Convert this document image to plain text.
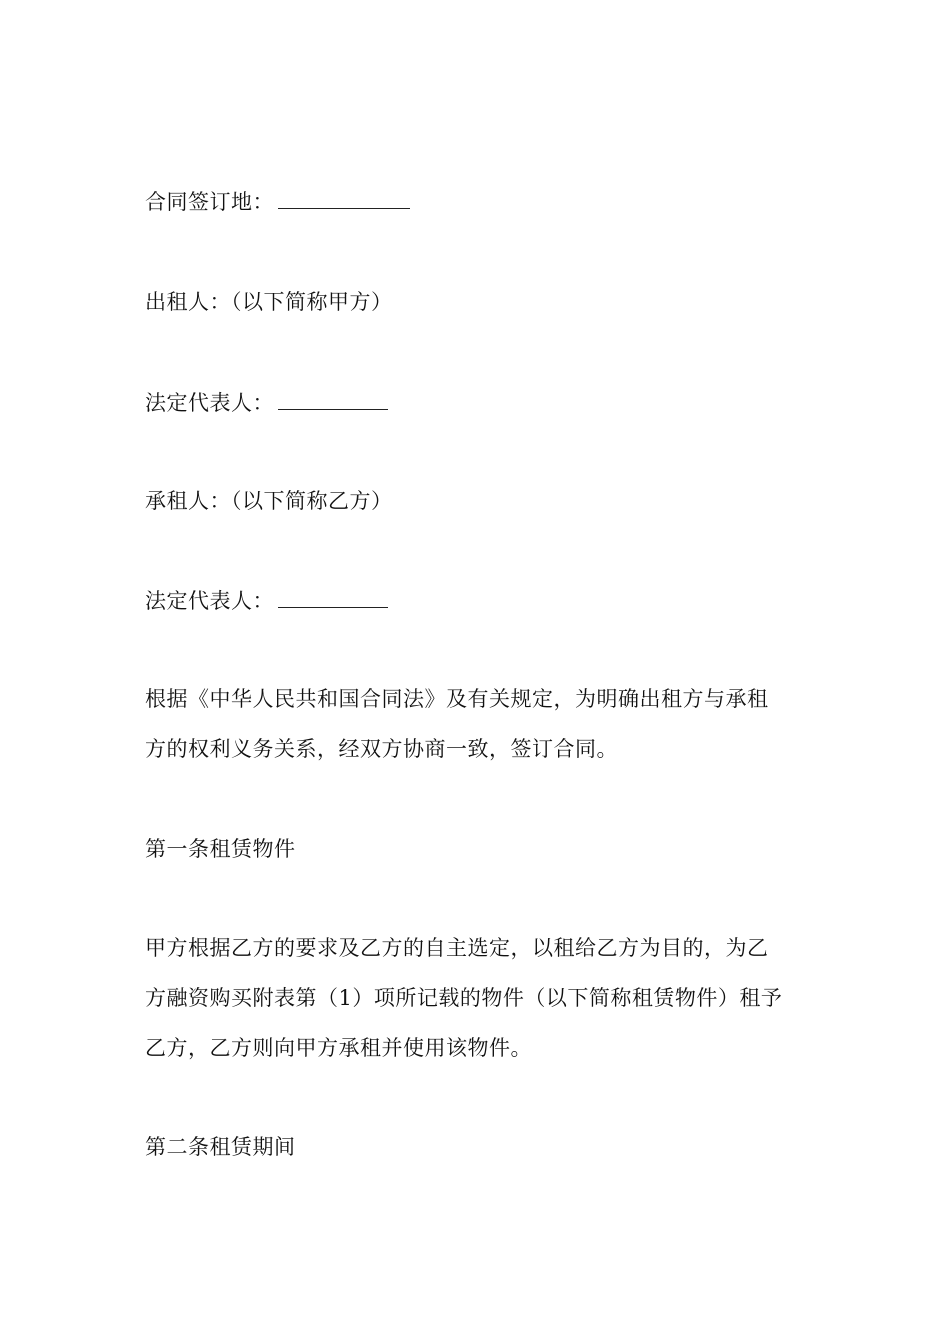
合同签订地：
出租人：（以下简称甲方）
法定代表人：
承租人：（以下简称乙方）
法定代表人：
根据《中华人民共和国合同法》及有关规定，为明确出租方与承租
方的权利义务关系，经双方协商一致，签订合同。
第一条租赁物件
甲方根据乙方的要求及乙方的自主选定，以租给乙方为目的，为乙
方融资购买附表第（1）项所记载的物件（以下简称租赁物件）租予
乙方，乙方则向甲方承租并使用该物件。
第二条租赁期间
